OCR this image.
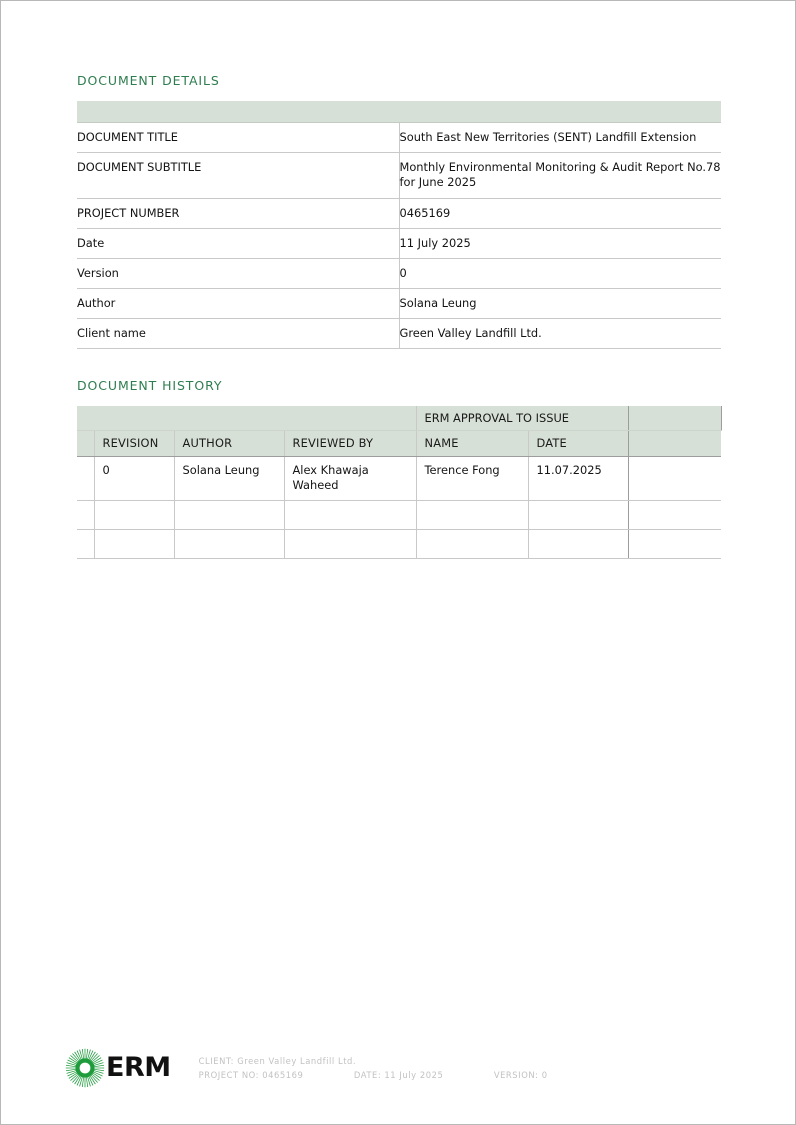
DOCUMENT DETAILS

DOCUMENT TITLE	South East New Territories (SENT) Landfill Extension
DOCUMENT SUBTITLE	Monthly Environmental Monitoring & Audit Report No.78 for June 2025
PROJECT NUMBER	0465169
Date	11 July 2025
Version	0
Author	Solana Leung
Client name	Green Valley Landfill Ltd.
DOCUMENT HISTORY
				ERM APPROVAL TO ISSUE		
	REVISION	AUTHOR	REVIEWED BY	NAME	DATE	
	0	Solana Leung	Alex Khawaja Waheed	Terence Fong	11.07.2025	

ERM	CLIENT: Green Valley Landfill Ltd.
PROJECT NO: 0465169	DATE: 11 July 2025	VERSION: 0
